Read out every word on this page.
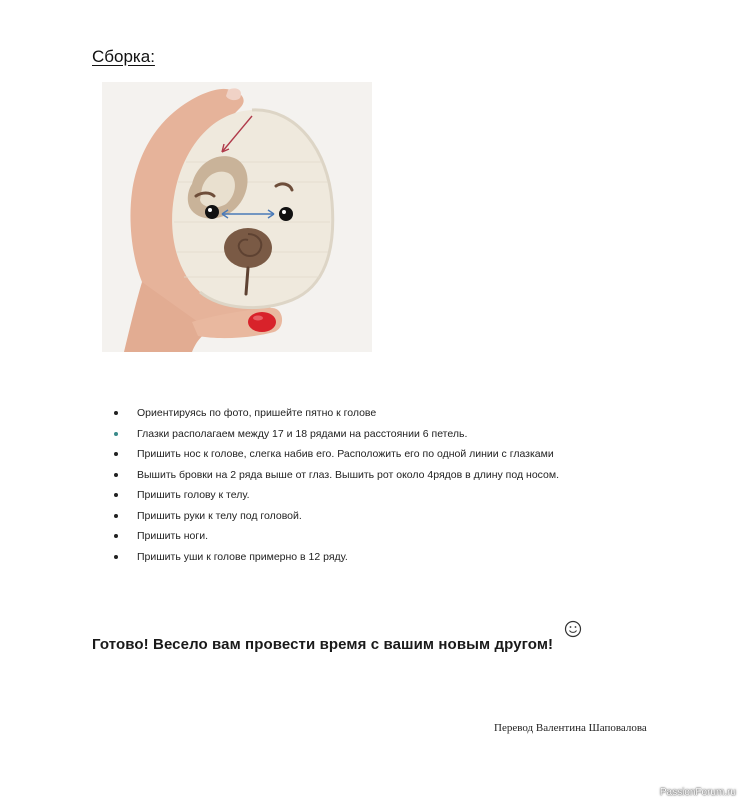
Сборка:
Ориентируясь по фото, пришейте пятно к голове
Глазки располагаем между 17 и 18 рядами на расстоянии 6 петель.
Пришить нос к голове, слегка набив его. Расположить его по одной линии с глазками
Вышить бровки на 2 ряда выше от глаз. Вышить рот около 4рядов в длину под носом.
Пришить голову к телу.
Пришить руки к телу под головой.
Пришить ноги.
Пришить уши к голове примерно в 12 ряду.
Готово! Весело вам провести время с вашим новым другом!
Перевод Валентина Шаповалова
PassionForum.ru
